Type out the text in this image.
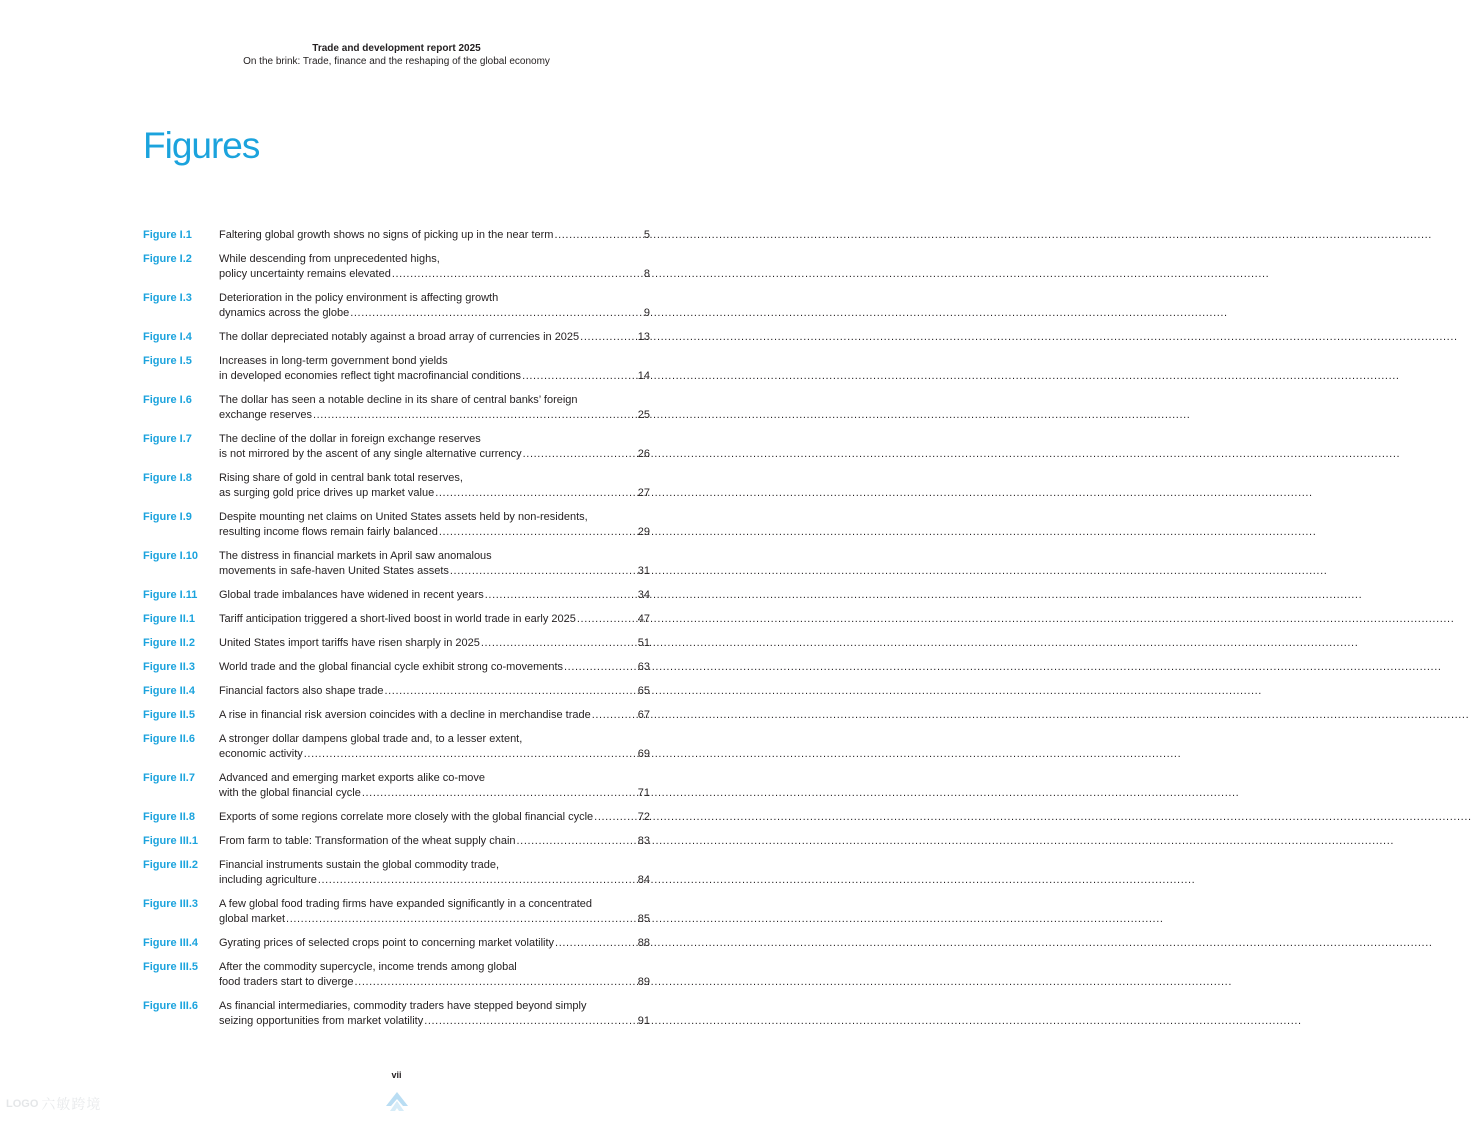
Trade and development report 2025
On the brink: Trade, finance and the reshaping of the global economy
Figures
Figure I.1	Faltering global growth shows no signs of picking up in the near term .....	5
Figure I.2	While descending from unprecedented highs,
policy uncertainty remains elevated .....	8
Figure I.3	Deterioration in the policy environment is affecting growth
dynamics across the globe .....	9
Figure I.4	The dollar depreciated notably against a broad array of currencies in 2025 .....	13
Figure I.5	Increases in long-term government bond yields
in developed economies reflect tight macrofinancial conditions .....	14
Figure I.6	The dollar has seen a notable decline in its share of central banks’ foreign
exchange reserves .....	25
Figure I.7	The decline of the dollar in foreign exchange reserves
is not mirrored by the ascent of any single alternative currency .....	26
Figure I.8	Rising share of gold in central bank total reserves,
as surging gold price drives up market value .....	27
Figure I.9	Despite mounting net claims on United States assets held by non-residents,
resulting income flows remain fairly balanced .....	29
Figure I.10	The distress in financial markets in April saw anomalous
movements in safe-haven United States assets .....	31
Figure I.11	Global trade imbalances have widened in recent years .....	34
Figure II.1	Tariff anticipation triggered a short-lived boost in world trade in early 2025 .....	47
Figure II.2	United States import tariffs have risen sharply in 2025 .....	51
Figure II.3	World trade and the global financial cycle exhibit strong co-movements .....	63
Figure II.4	Financial factors also shape trade .....	65
Figure II.5	A rise in financial risk aversion coincides with a decline in merchandise trade .....	67
Figure II.6	A stronger dollar dampens global trade and, to a lesser extent,
economic activity .....	69
Figure II.7	Advanced and emerging market exports alike co-move
with the global financial cycle .....	71
Figure II.8	Exports of some regions correlate more closely with the global financial cycle .....	72
Figure III.1	From farm to table: Transformation of the wheat supply chain .....	83
Figure III.2	Financial instruments sustain the global commodity trade,
including agriculture .....	84
Figure III.3	A few global food trading firms have expanded significantly in a concentrated
global market .....	85
Figure III.4	Gyrating prices of selected crops point to concerning market volatility .....	88
Figure III.5	After the commodity supercycle, income trends among global
food traders start to diverge .....	89
Figure III.6	As financial intermediaries, commodity traders have stepped beyond simply
seizing opportunities from market volatility .....	91
vii
LOGO 六敏跨境
